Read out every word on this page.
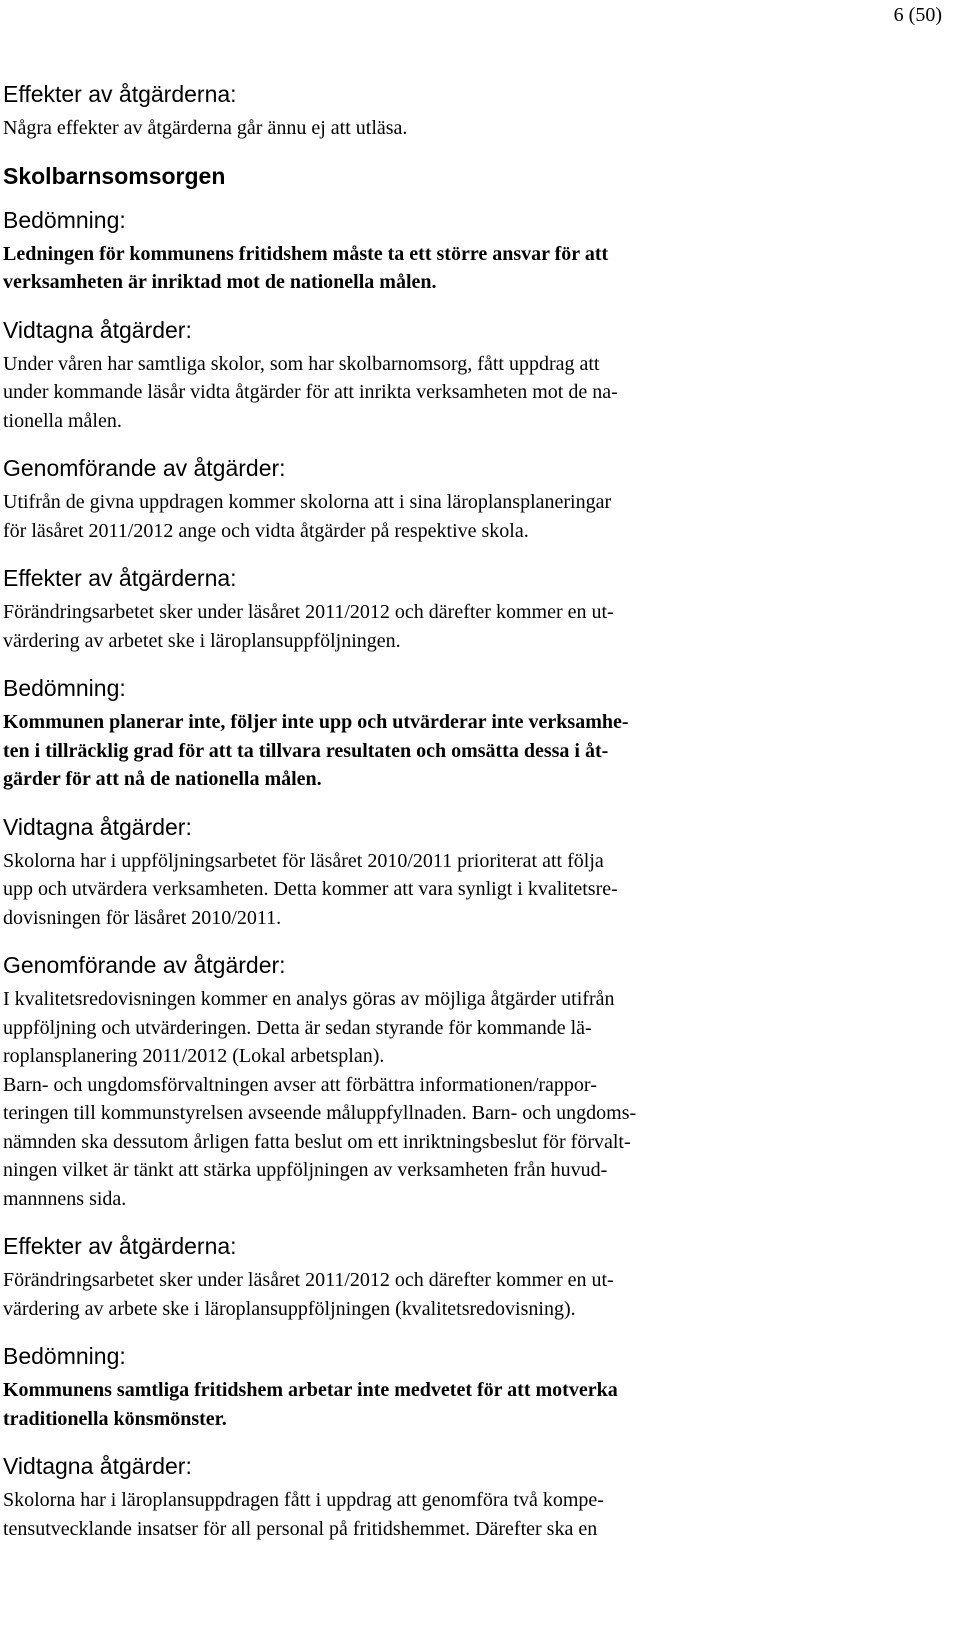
6 (50)

Effekter av åtgärderna:

Några effekter av åtgärderna går ännu ej att utläsa.

Skolbarnsomsorgen

Bedömning:

Ledningen för kommunens fritidshem måste ta ett större ansvar för att

verksamheten är inriktad mot de nationella målen.

Vidtagna åtgärder:

Under våren har samtliga skolor, som har skolbarnomsorg, fått uppdrag att

under kommande läsår vidta åtgärder för att inrikta verksamheten mot de na-

tionella målen.

Genomförande av åtgärder:

Utifrån de givna uppdragen kommer skolorna att i sina läroplansplaneringar

för läsåret 2011/2012 ange och vidta åtgärder på respektive skola.

Effekter av åtgärderna:

Förändringsarbetet sker under läsåret 2011/2012 och därefter kommer en ut-

värdering av arbetet ske i läroplansuppföljningen.

Bedömning:

Kommunen planerar inte, följer inte upp och utvärderar inte verksamhe-

ten i tillräcklig grad för att ta tillvara resultaten och omsätta dessa i åt-

gärder för att nå de nationella målen.

Vidtagna åtgärder:

Skolorna har i uppföljningsarbetet för läsåret 2010/2011 prioriterat att följa

upp och utvärdera verksamheten. Detta kommer att vara synligt i kvalitetsre-

dovisningen för läsåret 2010/2011.

Genomförande av åtgärder:

I kvalitetsredovisningen kommer en analys göras av möjliga åtgärder utifrån

uppföljning och utvärderingen. Detta är sedan styrande för kommande lä-

roplansplanering 2011/2012 (Lokal arbetsplan).

Barn- och ungdomsförvaltningen avser att förbättra informationen/rappor-

teringen till kommunstyrelsen avseende måluppfyllnaden. Barn- och ungdoms-

nämnden ska dessutom årligen fatta beslut om ett inriktningsbeslut för förvalt-

ningen vilket är tänkt att stärka uppföljningen av verksamheten från huvud-

mannnens sida.

Effekter av åtgärderna:

Förändringsarbetet sker under läsåret 2011/2012 och därefter kommer en ut-

värdering av arbete ske i läroplansuppföljningen (kvalitetsredovisning).

Bedömning:

Kommunens samtliga fritidshem arbetar inte medvetet för att motverka

traditionella könsmönster.

Vidtagna åtgärder:

Skolorna har i läroplansuppdragen fått i uppdrag att genomföra två kompe-

tensutvecklande insatser för all personal på fritidshemmet. Därefter ska en
